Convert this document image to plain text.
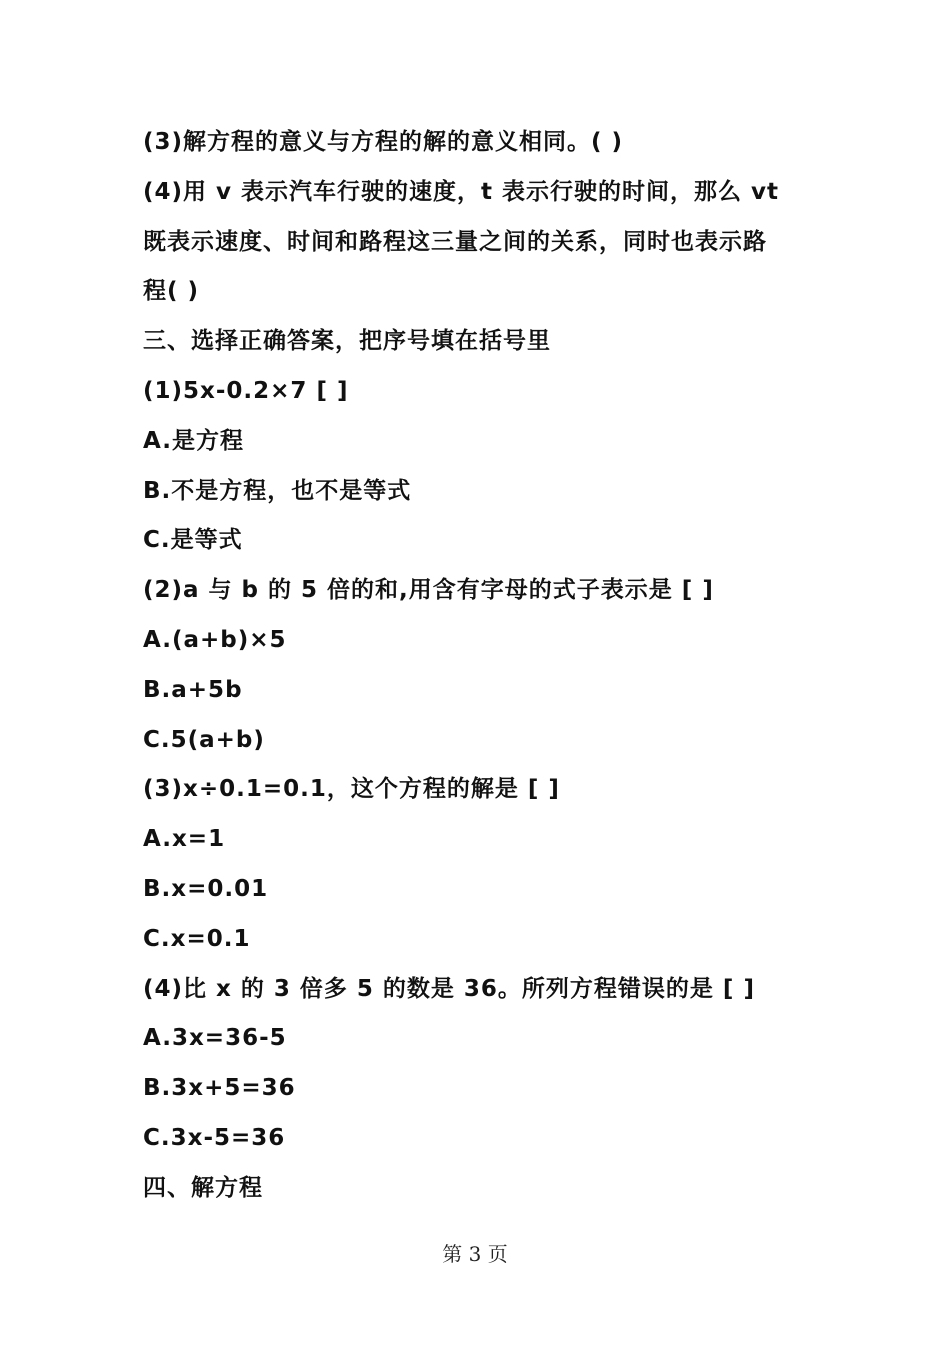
(3)解方程的意义与方程的解的意义相同。( )
(4)用 v 表示汽车行驶的速度，t 表示行驶的时间，那么 vt
既表示速度、时间和路程这三量之间的关系，同时也表示路
程( )
三、选择正确答案，把序号填在括号里
(1)5x-0.2×7 [ ]
A.是方程
B.不是方程，也不是等式
C.是等式
(2)a 与 b 的 5 倍的和,用含有字母的式子表示是 [ ]
A.(a+b)×5
B.a+5b
C.5(a+b)
(3)x÷0.1=0.1，这个方程的解是 [ ]
A.x=1
B.x=0.01
C.x=0.1
(4)比 x 的 3 倍多 5 的数是 36。所列方程错误的是 [ ]
A.3x=36-5
B.3x+5=36
C.3x-5=36
四、解方程
第 3 页
